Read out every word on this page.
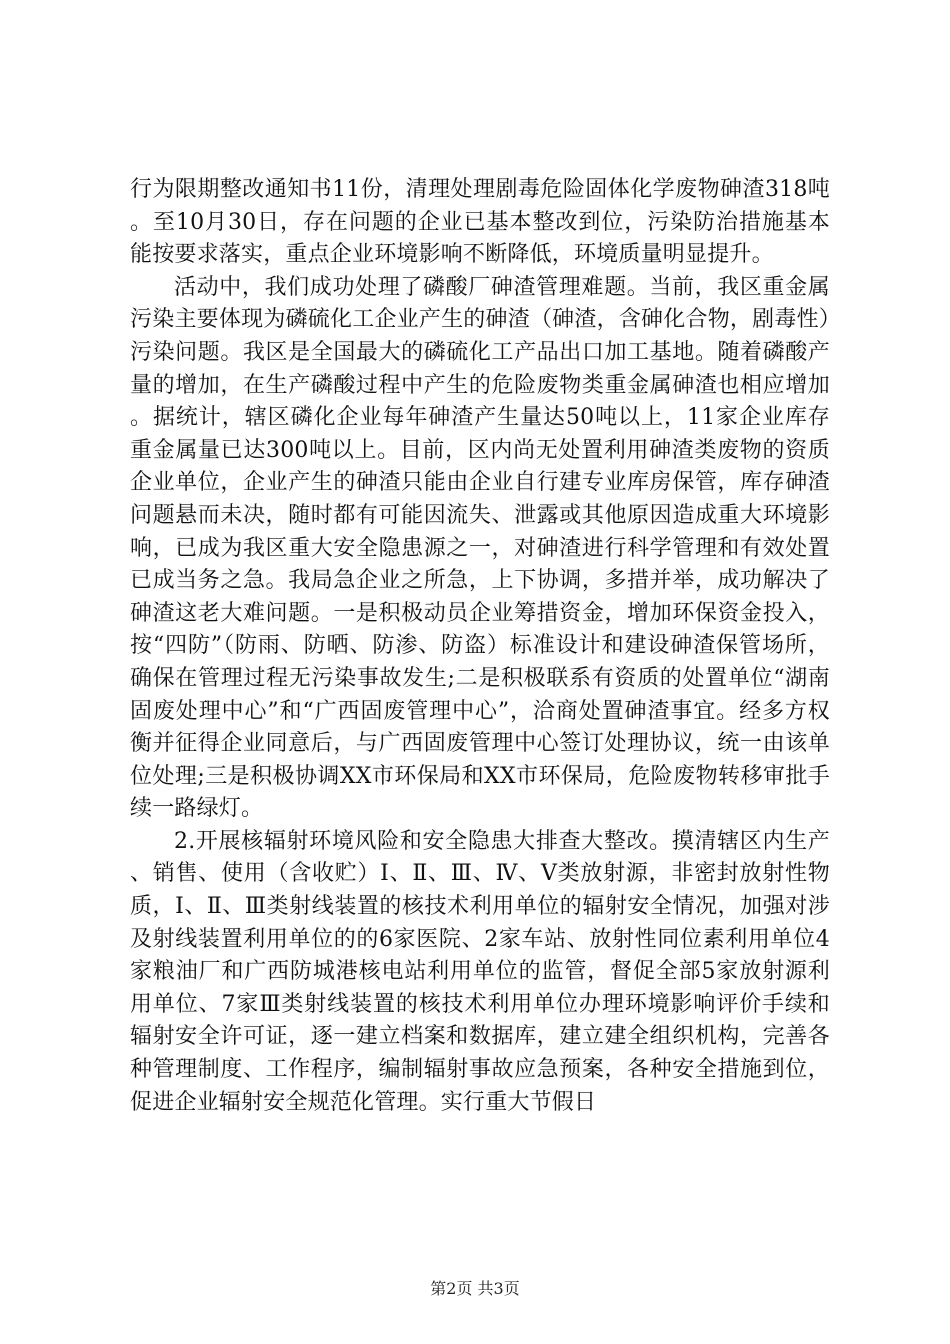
行为限期整改通知书11份，清理处理剧毒危险固体化学废物砷渣318吨。至10月30日，存在问题的企业已基本整改到位，污染防治措施基本能按要求落实，重点企业环境影响不断降低，环境质量明显提升。

活动中，我们成功处理了磷酸厂砷渣管理难题。当前，我区重金属污染主要体现为磷硫化工企业产生的砷渣（砷渣，含砷化合物，剧毒性）污染问题。我区是全国最大的磷硫化工产品出口加工基地。随着磷酸产量的增加，在生产磷酸过程中产生的危险废物类重金属砷渣也相应增加。据统计，辖区磷化企业每年砷渣产生量达50吨以上，11家企业库存重金属量已达300吨以上。目前，区内尚无处置利用砷渣类废物的资质企业单位，企业产生的砷渣只能由企业自行建专业库房保管，库存砷渣问题悬而未决，随时都有可能因流失、泄露或其他原因造成重大环境影响，已成为我区重大安全隐患源之一，对砷渣进行科学管理和有效处置已成当务之急。我局急企业之所急，上下协调，多措并举，成功解决了砷渣这老大难问题。一是积极动员企业筹措资金，增加环保资金投入，按“四防”（防雨、防晒、防渗、防盗）标准设计和建设砷渣保管场所，确保在管理过程无污染事故发生;二是积极联系有资质的处置单位“湖南固废处理中心”和“广西固废管理中心”，洽商处置砷渣事宜。经多方权衡并征得企业同意后，与广西固废管理中心签订处理协议，统一由该单位处理;三是积极协调XX市环保局和XX市环保局，危险废物转移审批手续一路绿灯。

2.开展核辐射环境风险和安全隐患大排查大整改。摸清辖区内生产、销售、使用（含收贮）Ⅰ、Ⅱ、Ⅲ、Ⅳ、Ⅴ类放射源，非密封放射性物质，Ⅰ、Ⅱ、Ⅲ类射线装置的核技术利用单位的辐射安全情况，加强对涉及射线装置利用单位的的6家医院、2家车站、放射性同位素利用单位4家粮油厂和广西防城港核电站利用单位的监管，督促全部5家放射源利用单位、7家Ⅲ类射线装置的核技术利用单位办理环境影响评价手续和辐射安全许可证，逐一建立档案和数据库，建立建全组织机构，完善各种管理制度、工作程序，编制辐射事故应急预案，各种安全措施到位，促进企业辐射安全规范化管理。实行重大节假日

第2页 共3页
